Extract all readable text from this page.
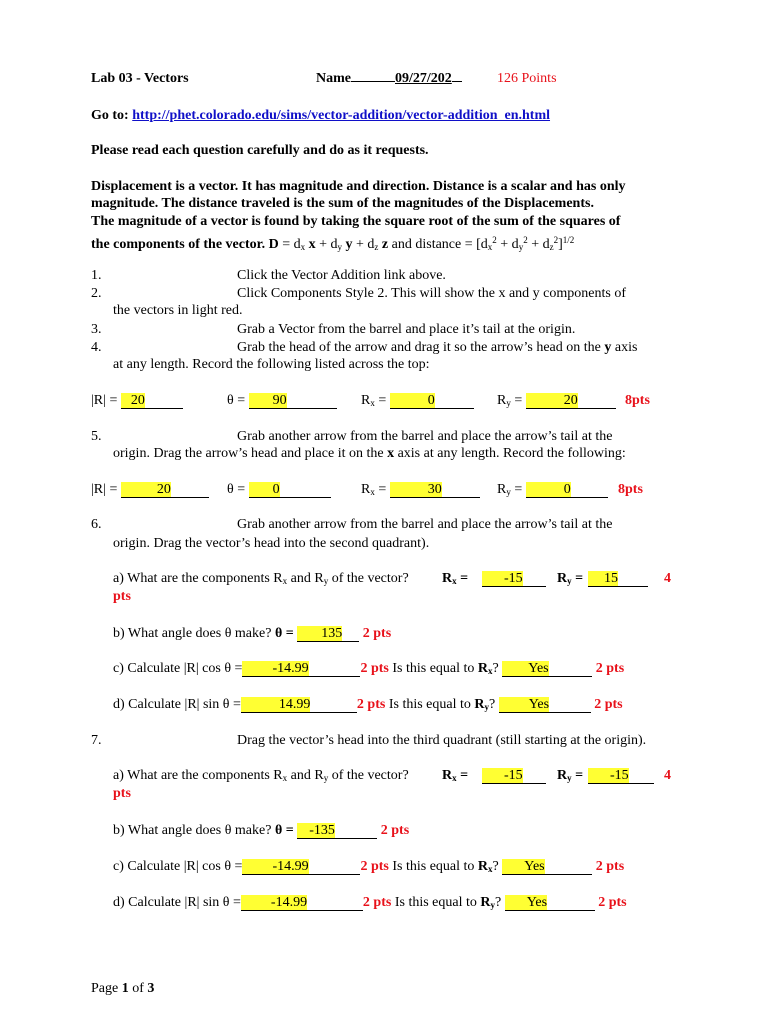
Lab 03 - Vectors	Name	09/27/202	126 Points
Go to: http://phet.colorado.edu/sims/vector-addition/vector-addition_en.html
Please read each question carefully and do as it requests.
Displacement is a vector. It has magnitude and direction. Distance is a scalar and has only
magnitude. The distance traveled is the sum of the magnitudes of the Displacements.
The magnitude of a vector is found by taking the square root of the sum of the squares of
the components of the vector. $D = d_x$ $x + d_y$ $y + d_z$ z and distance = $[d_x^2 + d_y^2 + d_z^2]^{1/2}$
1.	Click the Vector Addition link above.
2.	Click Components Style 2. This will show the x and y components of
the vectors in light red.
3.	Grab a Vector from the barrel and place it’s tail at the origin.
4.	Grab the head of the arrow and drag it so the arrow’s head on the y axis
at any length. Record the following listed across the top:
|R| = 20	θ = 90	$R_x$ =	0	$R_y$ =	20	8pts
5.	Grab another arrow from the barrel and place the arrow’s tail at the
origin. Drag the arrow’s head and place it on the x axis at any length. Record the following:
|R| =	20	θ = 0	$R_x$ =	30	$R_y$ =	0	8pts
6.	Grab another arrow from the barrel and place the arrow’s tail at the
origin. Drag the vector’s head into the second quadrant).
a) What are the components $R_x$ and $R_y$ of the vector? $R_x$ =	-15	$R_y$ =	15	4
pts
b) What angle does θ make? θ = 135 2 pts
c) Calculate |R| cos θ = -14.99	2 pts Is this equal to $R_x$? Yes	2 pts
d) Calculate |R| sin θ =	14.99	2 pts Is this equal to $R_y$? Yes	2 pts
7.	Drag the vector’s head into the third quadrant (still starting at the origin).
a) What are the components $R_x$ and $R_y$ of the vector? $R_x$ =	-15	$R_y$ =	-15	4
pts
b) What angle does θ make? θ = -135	2 pts
c) Calculate |R| cos θ = -14.99	2 pts Is this equal to $R_x$? Yes	2 pts
d) Calculate |R| sin θ = -14.99	2 pts Is this equal to $R_y$? Yes	2 pts
Page 1 of 3
